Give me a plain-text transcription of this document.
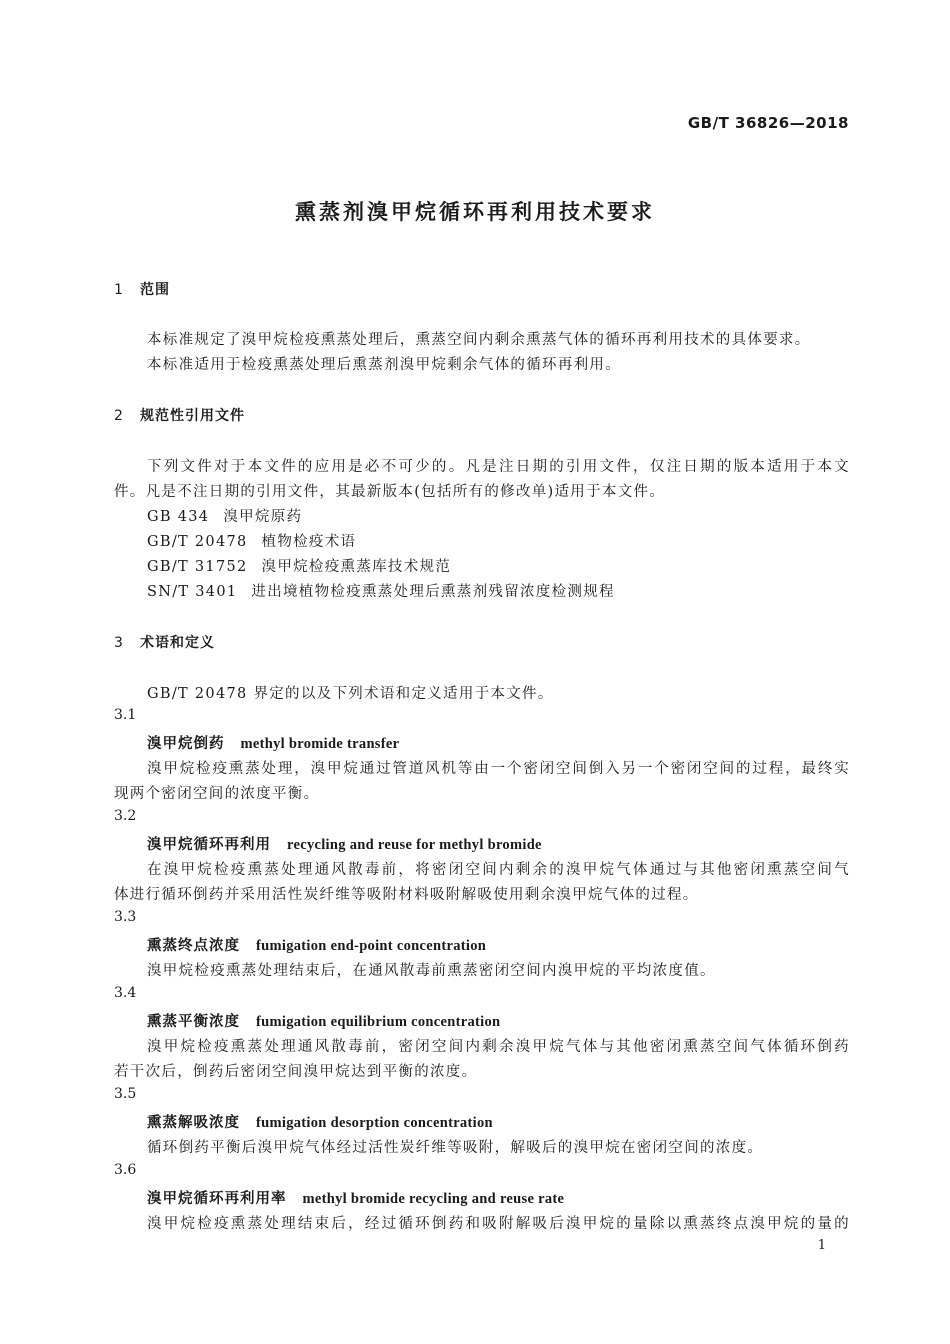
GB/T 36826—2018
熏蒸剂溴甲烷循环再利用技术要求
1 范围
本标准规定了溴甲烷检疫熏蒸处理后，熏蒸空间内剩余熏蒸气体的循环再利用技术的具体要求。
本标准适用于检疫熏蒸处理后熏蒸剂溴甲烷剩余气体的循环再利用。
2 规范性引用文件
下列文件对于本文件的应用是必不可少的。凡是注日期的引用文件，仅注日期的版本适用于本文
件。凡是不注日期的引用文件，其最新版本(包括所有的修改单)适用于本文件。
GB 434 溴甲烷原药
GB/T 20478 植物检疫术语
GB/T 31752 溴甲烷检疫熏蒸库技术规范
SN/T 3401 进出境植物检疫熏蒸处理后熏蒸剂残留浓度检测规程
3 术语和定义
GB/T 20478 界定的以及下列术语和定义适用于本文件。
3.1
溴甲烷倒药 methyl bromide transfer
溴甲烷检疫熏蒸处理，溴甲烷通过管道风机等由一个密闭空间倒入另一个密闭空间的过程，最终实
现两个密闭空间的浓度平衡。
3.2
溴甲烷循环再利用 recycling and reuse for methyl bromide
在溴甲烷检疫熏蒸处理通风散毒前，将密闭空间内剩余的溴甲烷气体通过与其他密闭熏蒸空间气
体进行循环倒药并采用活性炭纤维等吸附材料吸附解吸使用剩余溴甲烷气体的过程。
3.3
熏蒸终点浓度 fumigation end-point concentration
溴甲烷检疫熏蒸处理结束后，在通风散毒前熏蒸密闭空间内溴甲烷的平均浓度值。
3.4
熏蒸平衡浓度 fumigation equilibrium concentration
溴甲烷检疫熏蒸处理通风散毒前，密闭空间内剩余溴甲烷气体与其他密闭熏蒸空间气体循环倒药
若干次后，倒药后密闭空间溴甲烷达到平衡的浓度。
3.5
熏蒸解吸浓度 fumigation desorption concentration
循环倒药平衡后溴甲烷气体经过活性炭纤维等吸附，解吸后的溴甲烷在密闭空间的浓度。
3.6
溴甲烷循环再利用率 methyl bromide recycling and reuse rate
溴甲烷检疫熏蒸处理结束后，经过循环倒药和吸附解吸后溴甲烷的量除以熏蒸终点溴甲烷的量的
1
